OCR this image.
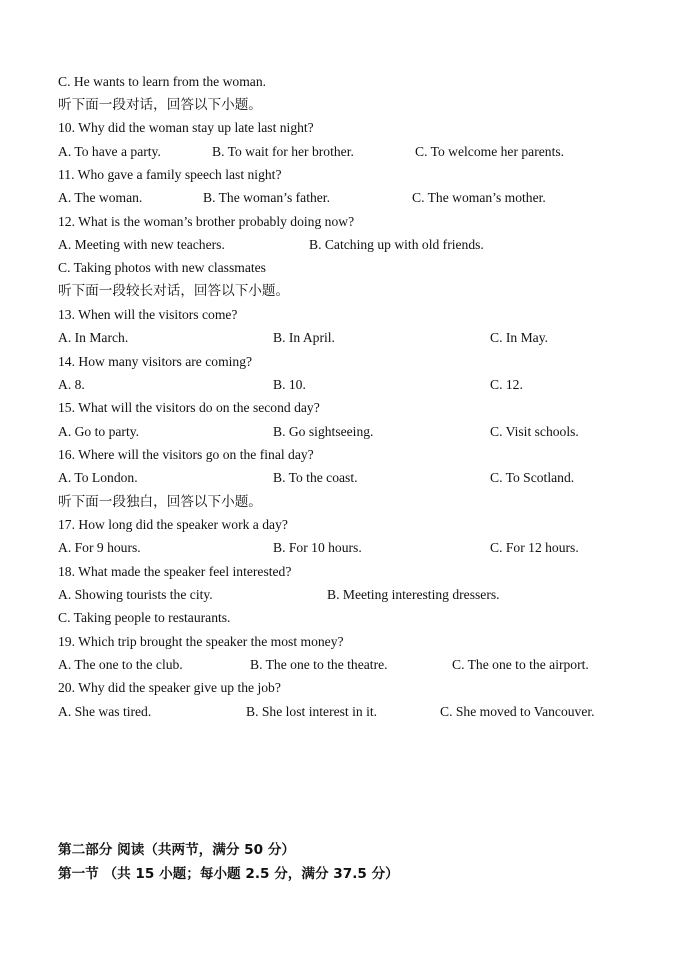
C. He wants to learn from the woman.
听下面一段对话，回答以下小题。
10. Why did the woman stay up late last night?
A. To have a party.	B. To wait for her brother.	C. To welcome her parents.
11. Who gave a family speech last night?
A. The woman.	B. The woman’s father.	C. The woman’s mother.
12. What is the woman’s brother probably doing now?
A. Meeting with new teachers.	B. Catching up with old friends.
C. Taking photos with new classmates
听下面一段较长对话，回答以下小题。
13. When will the visitors come?
A. In March.	B. In April.	C. In May.
14. How many visitors are coming?
A. 8.	B. 10.	C. 12.
15. What will the visitors do on the second day?
A. Go to party.	B. Go sightseeing.	C. Visit schools.
16. Where will the visitors go on the final day?
A. To London.	B. To the coast.	C. To Scotland.
听下面一段独白，回答以下小题。
17. How long did the speaker work a day?
A. For 9 hours.	B. For 10 hours.	C. For 12 hours.
18. What made the speaker feel interested?
A. Showing tourists the city.	B. Meeting interesting dressers.
C. Taking people to restaurants.
19. Which trip brought the speaker the most money?
A. The one to the club.	B. The one to the theatre.	C. The one to the airport.
20. Why did the speaker give up the job?
A. She was tired.	B. She lost interest in it.	C. She moved to Vancouver.
第二部分 阅读（共两节，满分 50 分）
第一节 （共 15 小题；每小题 2.5 分，满分 37.5 分）
